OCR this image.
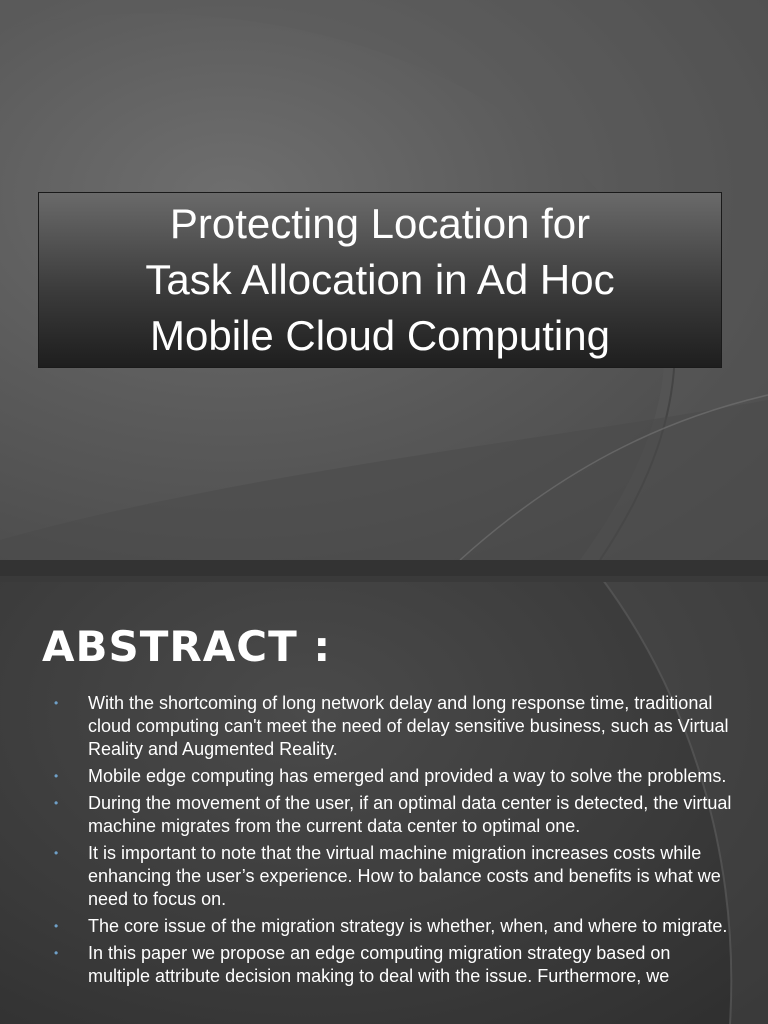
Protecting Location for
Task Allocation in Ad Hoc
Mobile Cloud Computing
ABSTRACT :
• With the shortcoming of long network delay and long response time, traditional cloud computing can't meet the need of delay sensitive business, such as Virtual Reality and Augmented Reality.
• Mobile edge computing has emerged and provided a way to solve the problems.
• During the movement of the user, if an optimal data center is detected, the virtual machine migrates from the current data center to optimal one.
• It is important to note that the virtual machine migration increases costs while enhancing the user’s experience. How to balance costs and benefits is what we need to focus on.
• The core issue of the migration strategy is whether, when, and where to migrate.
• In this paper we propose an edge computing migration strategy based on multiple attribute decision making to deal with the issue. Furthermore, we
